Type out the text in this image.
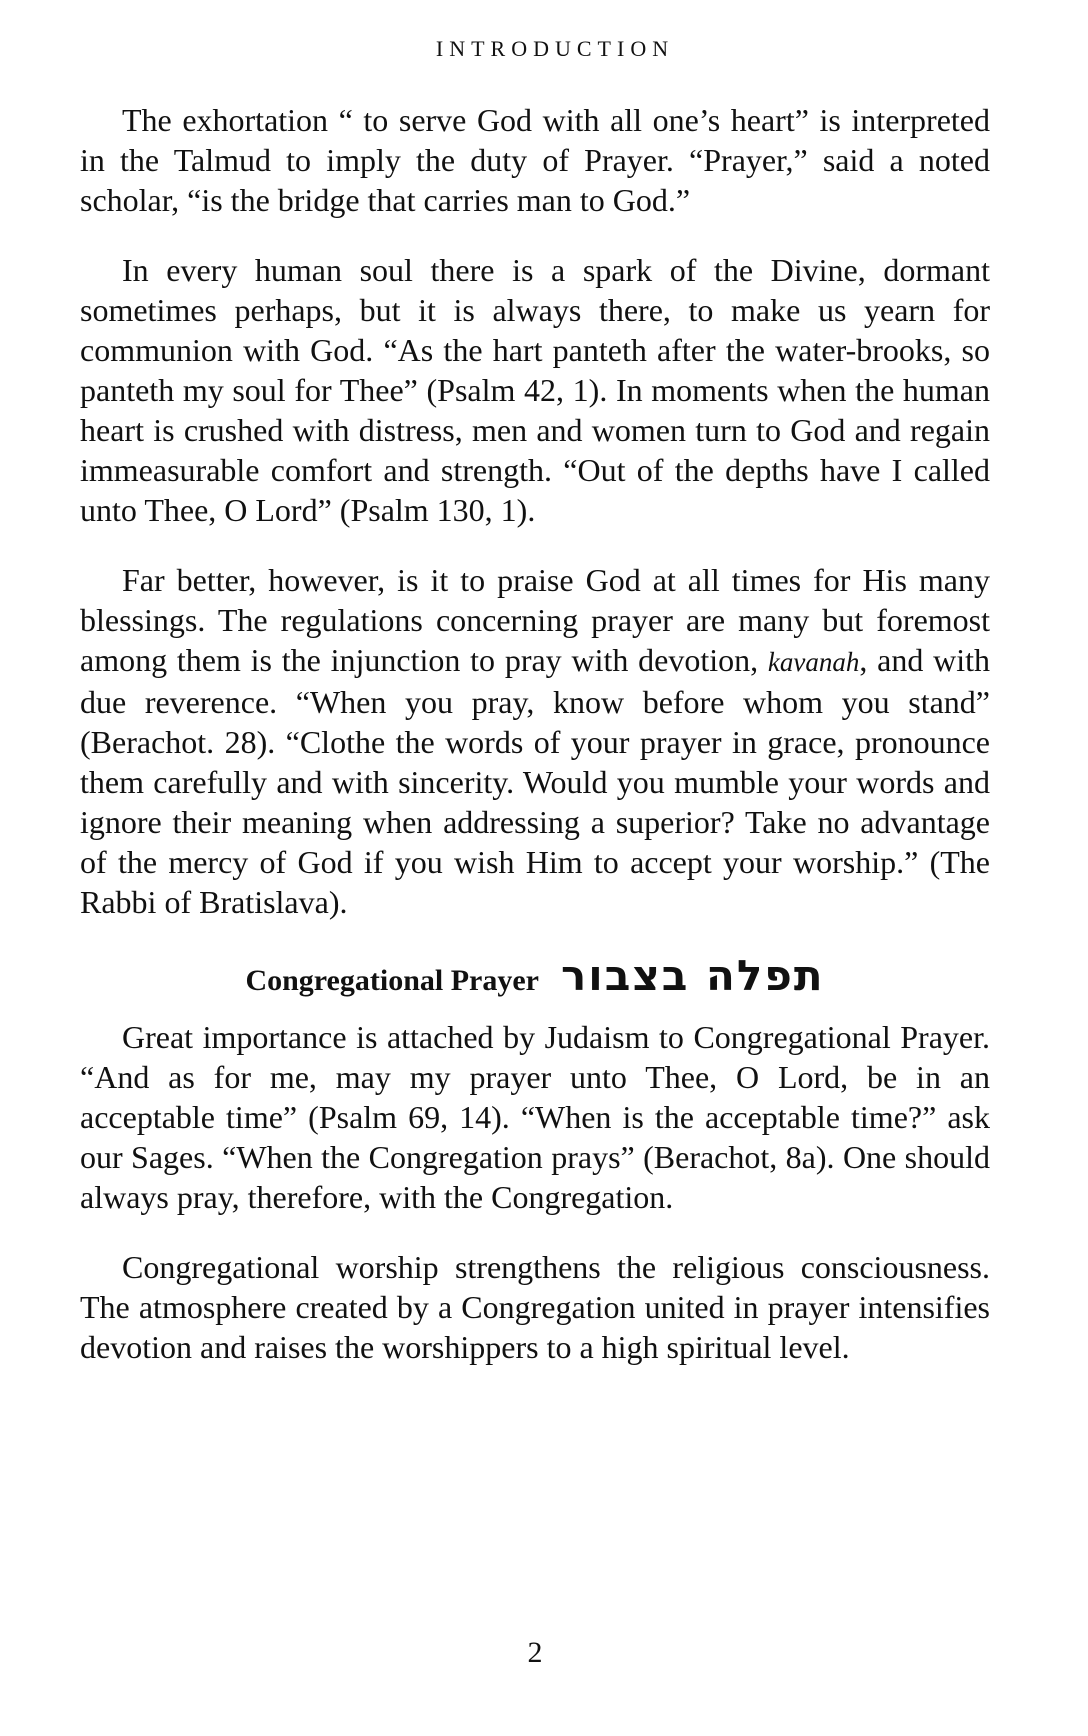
INTRODUCTION

The exhortation “ to serve God with all one’s heart” is interpreted in the Talmud to imply the duty of Prayer. “Prayer,” said a noted scholar, “is the bridge that carries man to God.”

In every human soul there is a spark of the Divine, dormant sometimes perhaps, but it is always there, to make us yearn for communion with God. “As the hart panteth after the water-brooks, so panteth my soul for Thee” (Psalm 42, 1). In moments when the human heart is crushed with distress, men and women turn to God and regain immeasurable comfort and strength. “Out of the depths have I called unto Thee, O Lord” (Psalm 130, 1).

Far better, however, is it to praise God at all times for His many blessings. The regulations concerning prayer are many but foremost among them is the injunction to pray with devotion, kavanah, and with due reverence. “When you pray, know before whom you stand” (Berachot. 28). “Clothe the words of your prayer in grace, pronounce them carefully and with sincerity. Would you mumble your words and ignore their meaning when addressing a superior? Take no advantage of the mercy of God if you wish Him to accept your worship.” (The Rabbi of Bratislava).

Congregational Prayer תפלה בצבור

Great importance is attached by Judaism to Congregational Prayer. “And as for me, may my prayer unto Thee, O Lord, be in an acceptable time” (Psalm 69, 14). “When is the acceptable time?” ask our Sages. “When the Congregation prays” (Berachot, 8a). One should always pray, therefore, with the Congregation.

Congregational worship strengthens the religious consciousness. The atmosphere created by a Congregation united in prayer intensifies devotion and raises the worshippers to a high spiritual level.

2
